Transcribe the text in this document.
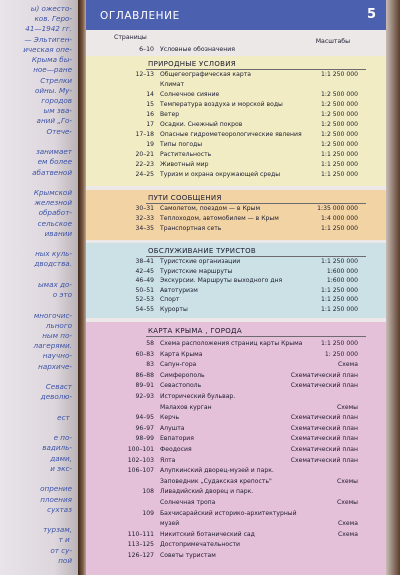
ы) ожесто-
ков. Геро-
41—1942 гг.
— Эльтиген-
ическая опе-
Крыма бы-
ное—ране
Стрелки
ойны. Му-
городов
ым зва-
аний „Го-
Отече-

занимает
ем более
абатвеной

Крымской
железной
обработ-
сельское
ивании

ных куль-
дводства.

ымах до-
о это

многочис-
льного
ным по-
лагерями.
научно-
нархиче-

Севаст
деволю-

ест

е по-
вадиль-
дами,
и экс-

опрение
плоения
сухтаз

турзам,
т и
от су-
пой
ОГЛАВЛЕНИЕ	5
Страницы
Масштабы
6–10 Условные обозначения
ПРИРОДНЫЕ УСЛОВИЯ
12–13 Общегеографическая карта	1:1 250 000
Климат
14 Солнечное сияние	1:2 500 000
15 Температура воздуха и морской воды	1:2 500 000
16 Ветер	1:2 500 000
17 Осадки. Снежный покров	1:2 500 000
17–18 Опасные гидрометеорологические явления	1:2 500 000
19 Типы погоды	1:2 500 000
20–21 Растительность	1:1 250 000
22–23 Животный мир	1:1 250 000
24–25 Туризм и охрана окружающей среды	1:1 250 000
ПУТИ СООБЩЕНИЯ
30–31 Самолетом, поездом — в Крым	1:35 000 000
32–33 Теплоходом, автомобилем — в Крым	1:4 000 000
34–35 Транспортная сеть	1:1 250 000
ОБСЛУЖИВАНИЕ ТУРИСТОВ
38–41 Туристские организации	1:1 250 000
42–45 Туристские маршруты	1:600 000
46–49 Экскурсии. Маршруты выходного дня	1:600 000
50–51 Автотуризм	1:1 250 000
52–53 Спорт	1:1 250 000
54–55 Курорты	1:1 250 000
КАРТА КРЫМА , ГОРОДА
58 Схема расположения страниц карты Крыма	1:1 250 000
60–83 Карта Крыма	1: 250 000
83 Сапун-гора	Схема
86–88 Симферополь	Схематический план
89–91 Севастополь	Схематический план
92–93 Исторический бульвар.
Малахов курган	Схемы
94–95 Керчь	Схематический план
96–97 Алушта	Схематический план
98–99 Евпатория	Схематический план
100–101 Феодосия	Схематический план
102–103 Ялта	Схематический план
106–107 Алупкинский дворец-музей и парк.
Заповедник „Судакская крепость"	Схемы
108 Ливадийский дворец и парк.
Солнечная тропа	Схемы
109 Бахчисарайский историко-архитектурный
музей	Схема
110–111 Никитский ботанический сад	Схема
113–125 Достопримечательности
126–127 Советы туристам
